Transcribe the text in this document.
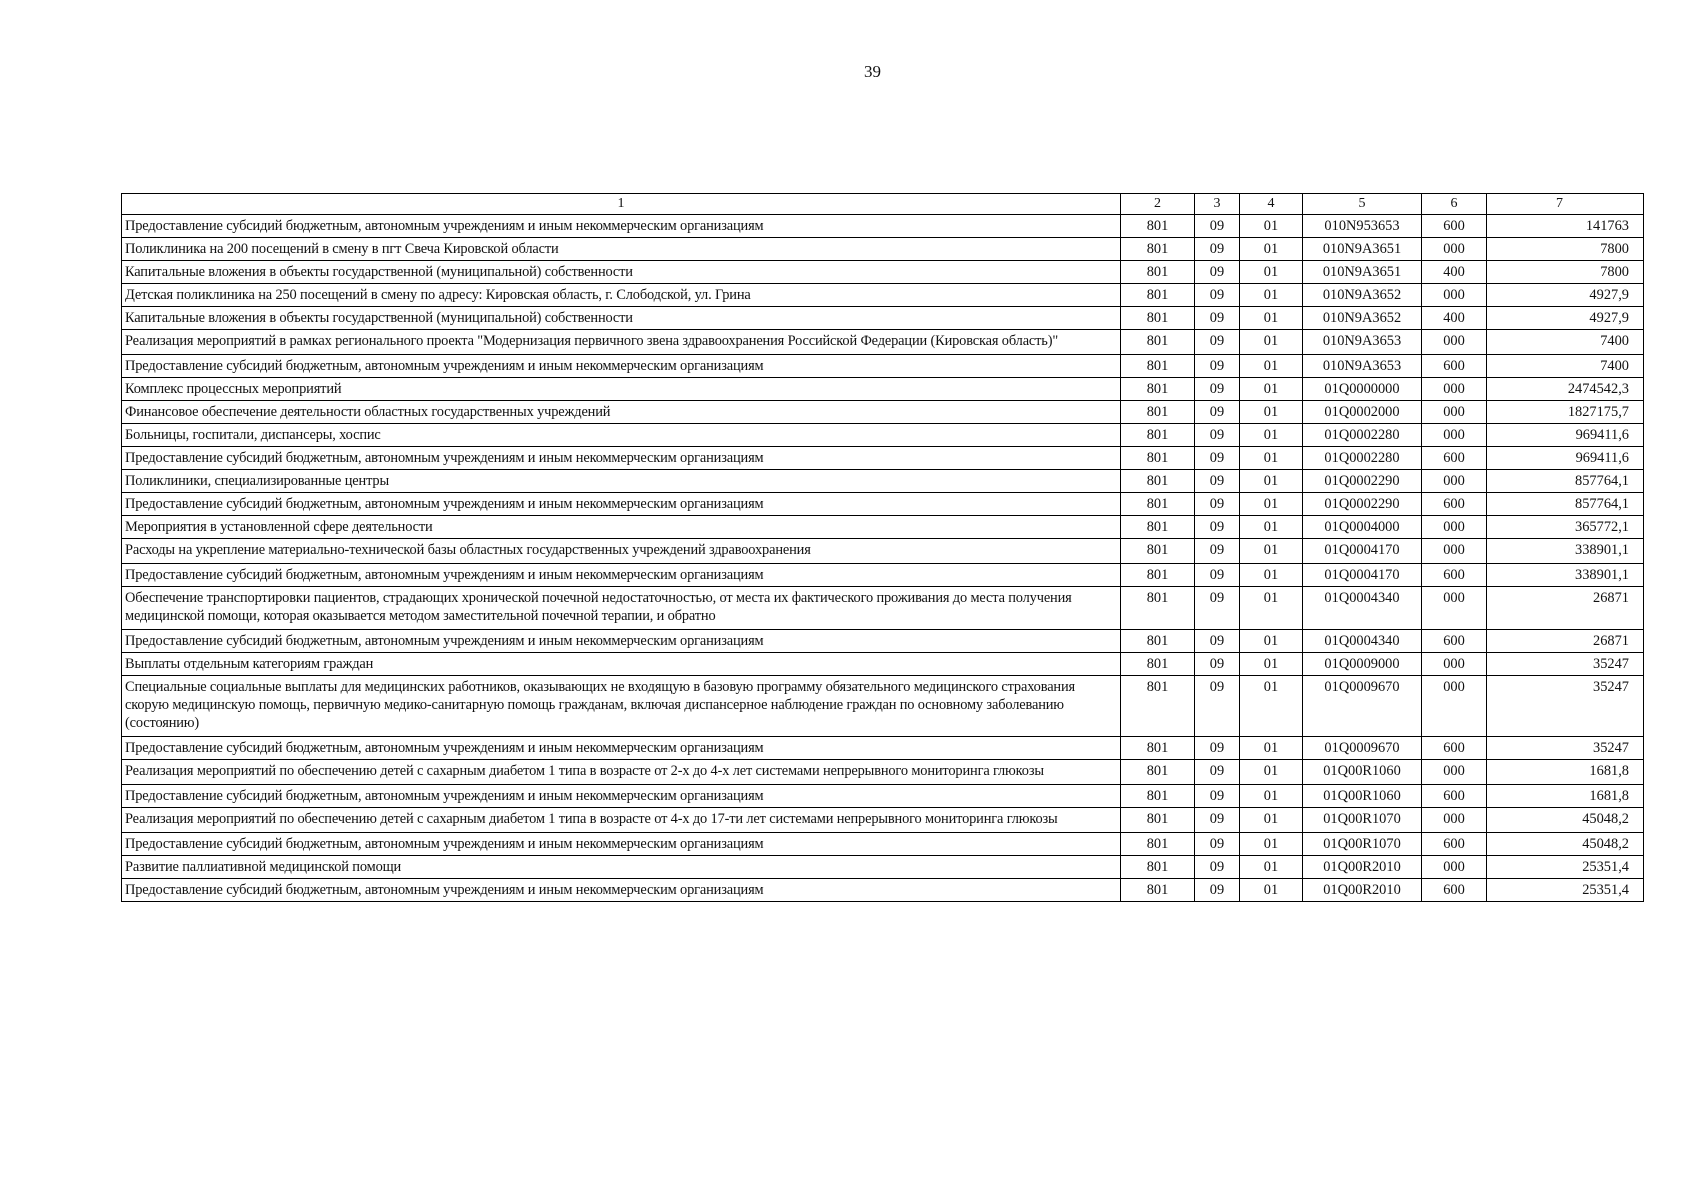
39
1	2	3	4	5	6	7
Предоставление субсидий бюджетным, автономным учреждениям и иным некоммерческим организациям	801	09	01	010N953653	600	141763
Поликлиника на 200 посещений в смену в пгт Свеча Кировской области	801	09	01	010N9A3651	000	7800
Капитальные вложения в объекты государственной (муниципальной) собственности	801	09	01	010N9A3651	400	7800
Детская поликлиника на 250 посещений в смену по адресу: Кировская область, г. Слободской, ул. Грина	801	09	01	010N9A3652	000	4927,9
Капитальные вложения в объекты государственной (муниципальной) собственности	801	09	01	010N9A3652	400	4927,9
Реализация мероприятий в рамках регионального проекта "Модернизация первичного звена здравоохранения Российской Федерации (Кировская область)"	801	09	01	010N9A3653	000	7400
Предоставление субсидий бюджетным, автономным учреждениям и иным некоммерческим организациям	801	09	01	010N9A3653	600	7400
Комплекс процессных мероприятий	801	09	01	01Q0000000	000	2474542,3
Финансовое обеспечение деятельности областных государственных учреждений	801	09	01	01Q0002000	000	1827175,7
Больницы, госпитали, диспансеры, хоспис	801	09	01	01Q0002280	000	969411,6
Предоставление субсидий бюджетным, автономным учреждениям и иным некоммерческим организациям	801	09	01	01Q0002280	600	969411,6
Поликлиники, специализированные центры	801	09	01	01Q0002290	000	857764,1
Предоставление субсидий бюджетным, автономным учреждениям и иным некоммерческим организациям	801	09	01	01Q0002290	600	857764,1
Мероприятия в установленной сфере деятельности	801	09	01	01Q0004000	000	365772,1
Расходы на укрепление материально-технической базы областных государственных учреждений здравоохранения	801	09	01	01Q0004170	000	338901,1
Предоставление субсидий бюджетным, автономным учреждениям и иным некоммерческим организациям	801	09	01	01Q0004170	600	338901,1
Обеспечение транспортировки пациентов, страдающих хронической почечной недостаточностью, от места их фактического проживания до места получения медицинской помощи, которая оказывается методом заместительной почечной терапии, и обратно	801	09	01	01Q0004340	000	26871
Предоставление субсидий бюджетным, автономным учреждениям и иным некоммерческим организациям	801	09	01	01Q0004340	600	26871
Выплаты отдельным категориям граждан	801	09	01	01Q0009000	000	35247
Специальные социальные выплаты для медицинских работников, оказывающих не входящую в базовую программу обязательного медицинского страхования скорую медицинскую помощь, первичную медико-санитарную помощь гражданам, включая диспансерное наблюдение граждан по основному заболеванию (состоянию)	801	09	01	01Q0009670	000	35247
Предоставление субсидий бюджетным, автономным учреждениям и иным некоммерческим организациям	801	09	01	01Q0009670	600	35247
Реализация мероприятий по обеспечению детей с сахарным диабетом 1 типа в возрасте от 2-х до 4-х лет системами непрерывного мониторинга глюкозы	801	09	01	01Q00R1060	000	1681,8
Предоставление субсидий бюджетным, автономным учреждениям и иным некоммерческим организациям	801	09	01	01Q00R1060	600	1681,8
Реализация мероприятий по обеспечению детей с сахарным диабетом 1 типа в возрасте от 4-х до 17-ти лет системами непрерывного мониторинга глюкозы	801	09	01	01Q00R1070	000	45048,2
Предоставление субсидий бюджетным, автономным учреждениям и иным некоммерческим организациям	801	09	01	01Q00R1070	600	45048,2
Развитие паллиативной медицинской помощи	801	09	01	01Q00R2010	000	25351,4
Предоставление субсидий бюджетным, автономным учреждениям и иным некоммерческим организациям	801	09	01	01Q00R2010	600	25351,4
